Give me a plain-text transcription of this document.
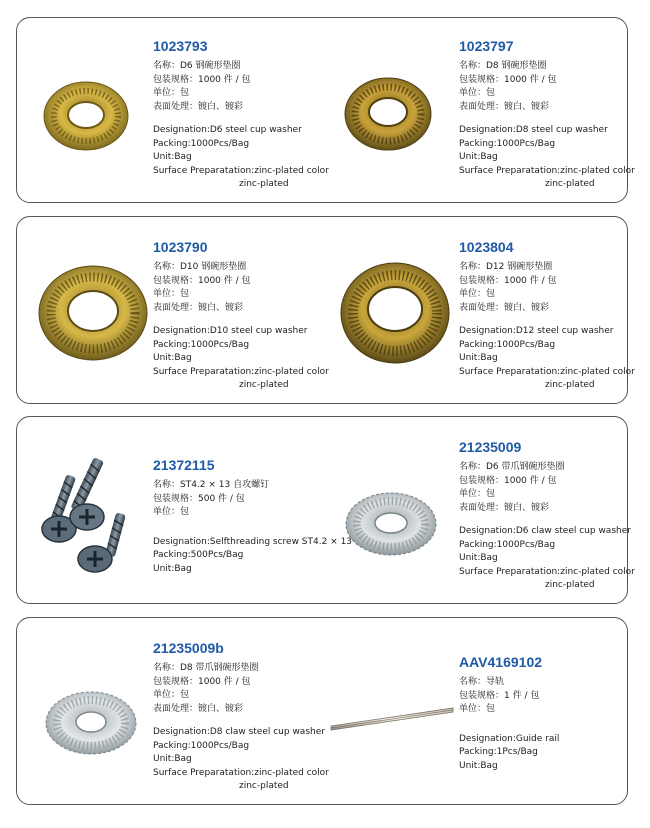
1023793
名称：D6 钢碗形垫圈
包装规格：1000 件 / 包
单位：包
表面处理：镀白、镀彩
Designation:D6 steel cup washer
Packing:1000Pcs/Bag
Unit:Bag
Surface Preparatation:zinc-plated color
zinc-plated
1023797
名称：D8 钢碗形垫圈
包装规格：1000 件 / 包
单位：包
表面处理：镀白、镀彩
Designation:D8 steel cup washer
Packing:1000Pcs/Bag
Unit:Bag
Surface Preparatation:zinc-plated color
zinc-plated
1023790
名称：D10 钢碗形垫圈
包装规格：1000 件 / 包
单位：包
表面处理：镀白、镀彩
Designation:D10 steel cup washer
Packing:1000Pcs/Bag
Unit:Bag
Surface Preparatation:zinc-plated color
zinc-plated
1023804
名称：D12 钢碗形垫圈
包装规格：1000 件 / 包
单位：包
表面处理：镀白、镀彩
Designation:D12 steel cup washer
Packing:1000Pcs/Bag
Unit:Bag
Surface Preparatation:zinc-plated color
zinc-plated
21372115
名称：ST4.2 × 13 自攻螺钉
包装规格：500 件 / 包
单位：包
Designation:Selfthreading screw ST4.2 × 13
Packing:500Pcs/Bag
Unit:Bag
21235009
名称：D6 带爪钢碗形垫圈
包装规格：1000 件 / 包
单位：包
表面处理：镀白、镀彩
Designation:D6 claw steel cup washer
Packing:1000Pcs/Bag
Unit:Bag
Surface Preparatation:zinc-plated color
zinc-plated
21235009b
名称：D8 带爪钢碗形垫圈
包装规格：1000 件 / 包
单位：包
表面处理：镀白、镀彩
Designation:D8 claw steel cup washer
Packing:1000Pcs/Bag
Unit:Bag
Surface Preparatation:zinc-plated color
zinc-plated
AAV4169102
名称：导轨
包装规格：1 件 / 包
单位：包
Designation:Guide rail
Packing:1Pcs/Bag
Unit:Bag
